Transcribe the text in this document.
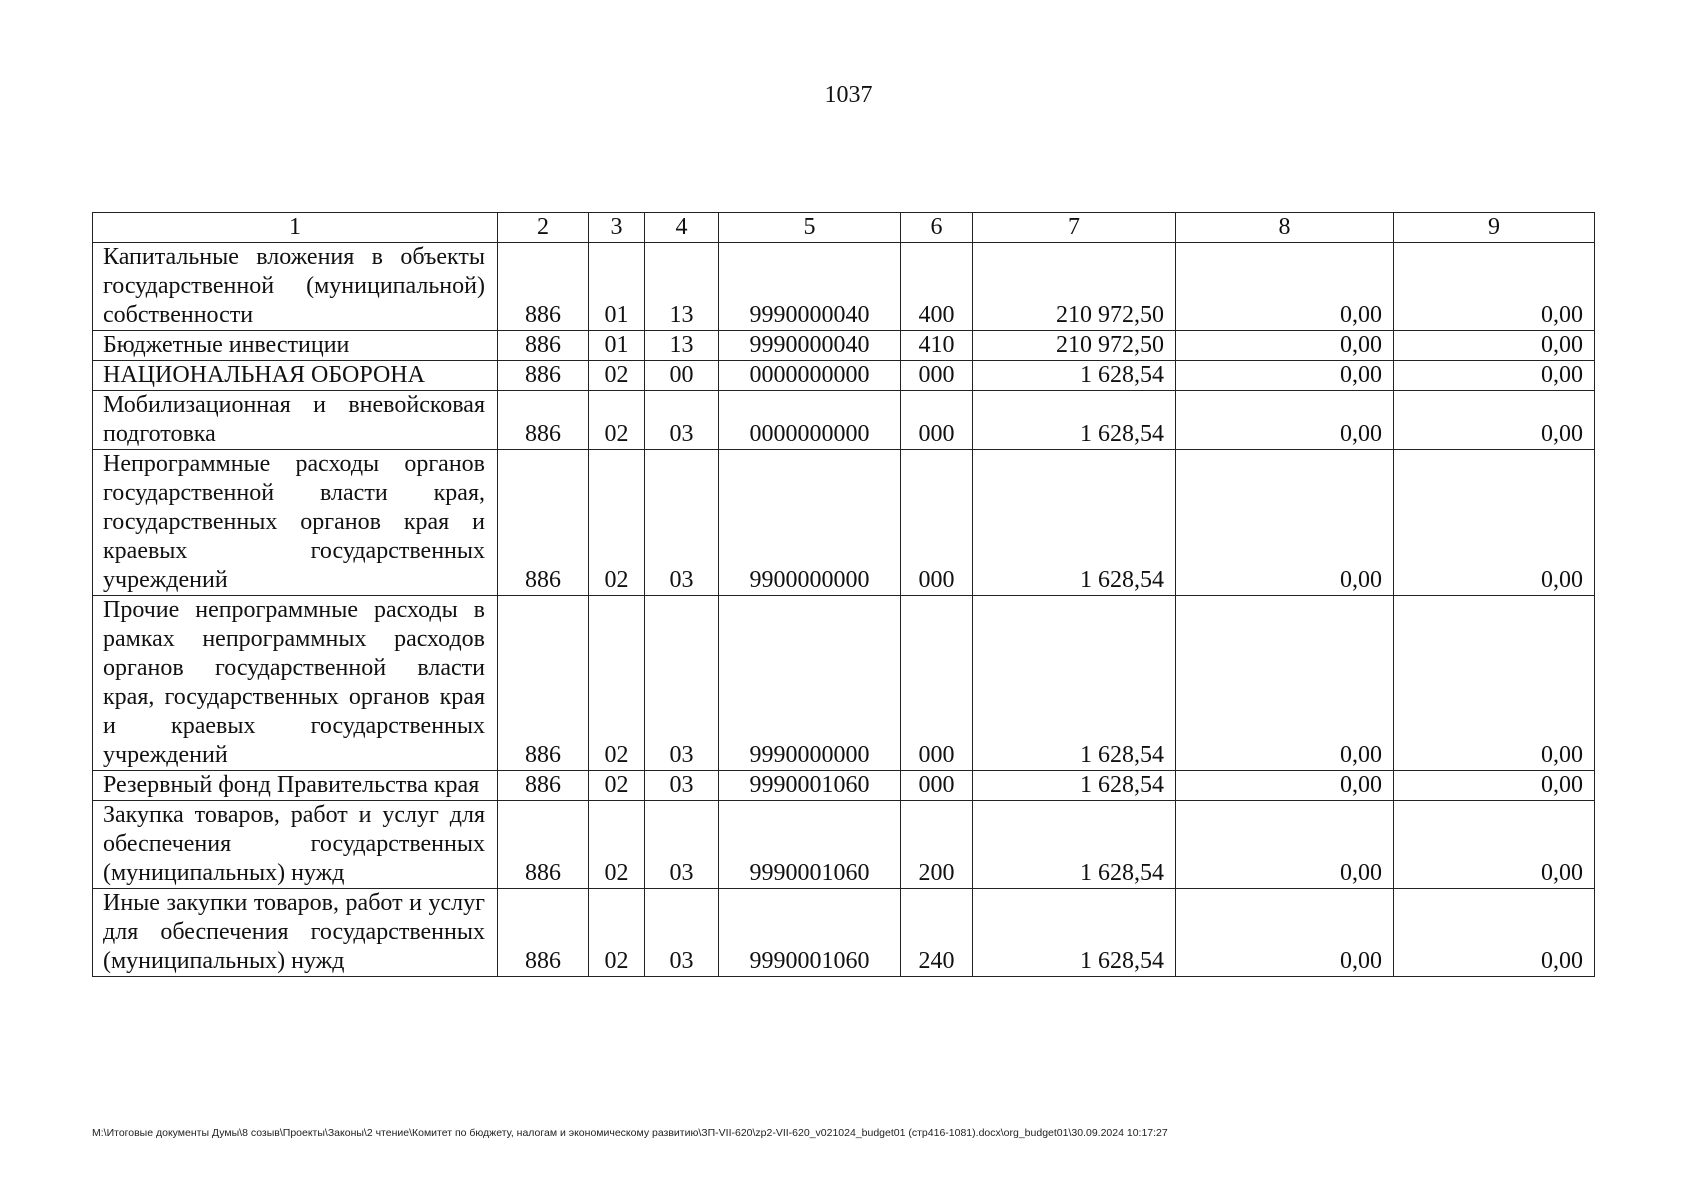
1037
1	2	3	4	5	6	7	8	9
Капитальные вложения в объекты государственной (муниципальной) собственности	886	01	13	9990000040	400	210 972,50	0,00	0,00
Бюджетные инвестиции	886	01	13	9990000040	410	210 972,50	0,00	0,00
НАЦИОНАЛЬНАЯ ОБОРОНА	886	02	00	0000000000	000	1 628,54	0,00	0,00
Мобилизационная и вневойсковая подготовка	886	02	03	0000000000	000	1 628,54	0,00	0,00
Непрограммные расходы органов государственной власти края, государственных органов края и краевых государственных учреждений	886	02	03	9900000000	000	1 628,54	0,00	0,00
Прочие непрограммные расходы в рамках непрограммных расходов органов государственной власти края, государственных органов края и краевых государственных учреждений	886	02	03	9990000000	000	1 628,54	0,00	0,00
Резервный фонд Правительства края	886	02	03	9990001060	000	1 628,54	0,00	0,00
Закупка товаров, работ и услуг для обеспечения государственных (муниципальных) нужд	886	02	03	9990001060	200	1 628,54	0,00	0,00
Иные закупки товаров, работ и услуг для обеспечения государственных (муниципальных) нужд	886	02	03	9990001060	240	1 628,54	0,00	0,00
M:\Итоговые документы Думы\8 созыв\Проекты\Законы\2 чтение\Комитет по бюджету, налогам и экономическому развитию\ЗП-VII-620\zp2-VII-620_v021024_budget01 (стр416-1081).docx\org_budget01\30.09.2024 10:17:27
